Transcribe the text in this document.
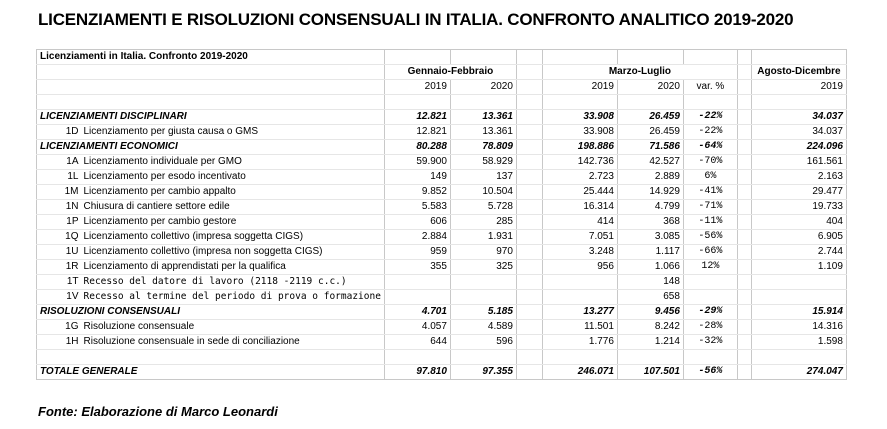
LICENZIAMENTI E RISOLUZIONI CONSENSUALI IN ITALIA. CONFRONTO ANALITICO 2019-2020
Licenziamenti in Italia. Confronto 2019-2020									
		Gennaio-Febbraio			Marzo-Luglio				Agosto-Dicembre
		2019	2020		2019	2020	var. %		2019

LICENZIAMENTI DISCIPLINARI		12.821	13.361		33.908	26.459	-22%		34.037
1D	Licenziamento per giusta causa o GMS	12.821	13.361		33.908	26.459	-22%		34.037
LICENZIAMENTI ECONOMICI		80.288	78.809		198.886	71.586	-64%		224.096
1A	Licenziamento individuale per GMO	59.900	58.929		142.736	42.527	-70%		161.561
1L	Licenziamento per esodo incentivato	149	137		2.723	2.889	6%		2.163
1M	Licenziamento per cambio appalto	9.852	10.504		25.444	14.929	-41%		29.477
1N	Chiusura di cantiere settore edile	5.583	5.728		16.314	4.799	-71%		19.733
1P	Licenziamento per cambio gestore	606	285		414	368	-11%		404
1Q	Licenziamento collettivo (impresa soggetta CIGS)	2.884	1.931		7.051	3.085	-56%		6.905
1U	Licenziamento collettivo (impresa non soggetta CIGS)	959	970		3.248	1.117	-66%		2.744
1R	Licenziamento di apprendistati per la qualifica	355	325		956	1.066	12%		1.109
1T	Recesso del datore di lavoro (2118 -2119 c.c.)					148			
1V	Recesso al termine del periodo di prova o formazione					658			
RISOLUZIONI CONSENSUALI		4.701	5.185		13.277	9.456	-29%		15.914
1G	Risoluzione consensuale	4.057	4.589		11.501	8.242	-28%		14.316
1H	Risoluzione consensuale in sede di conciliazione	644	596		1.776	1.214	-32%		1.598

TOTALE GENERALE		97.810	97.355		246.071	107.501	-56%		274.047
Fonte: Elaborazione di Marco Leonardi
